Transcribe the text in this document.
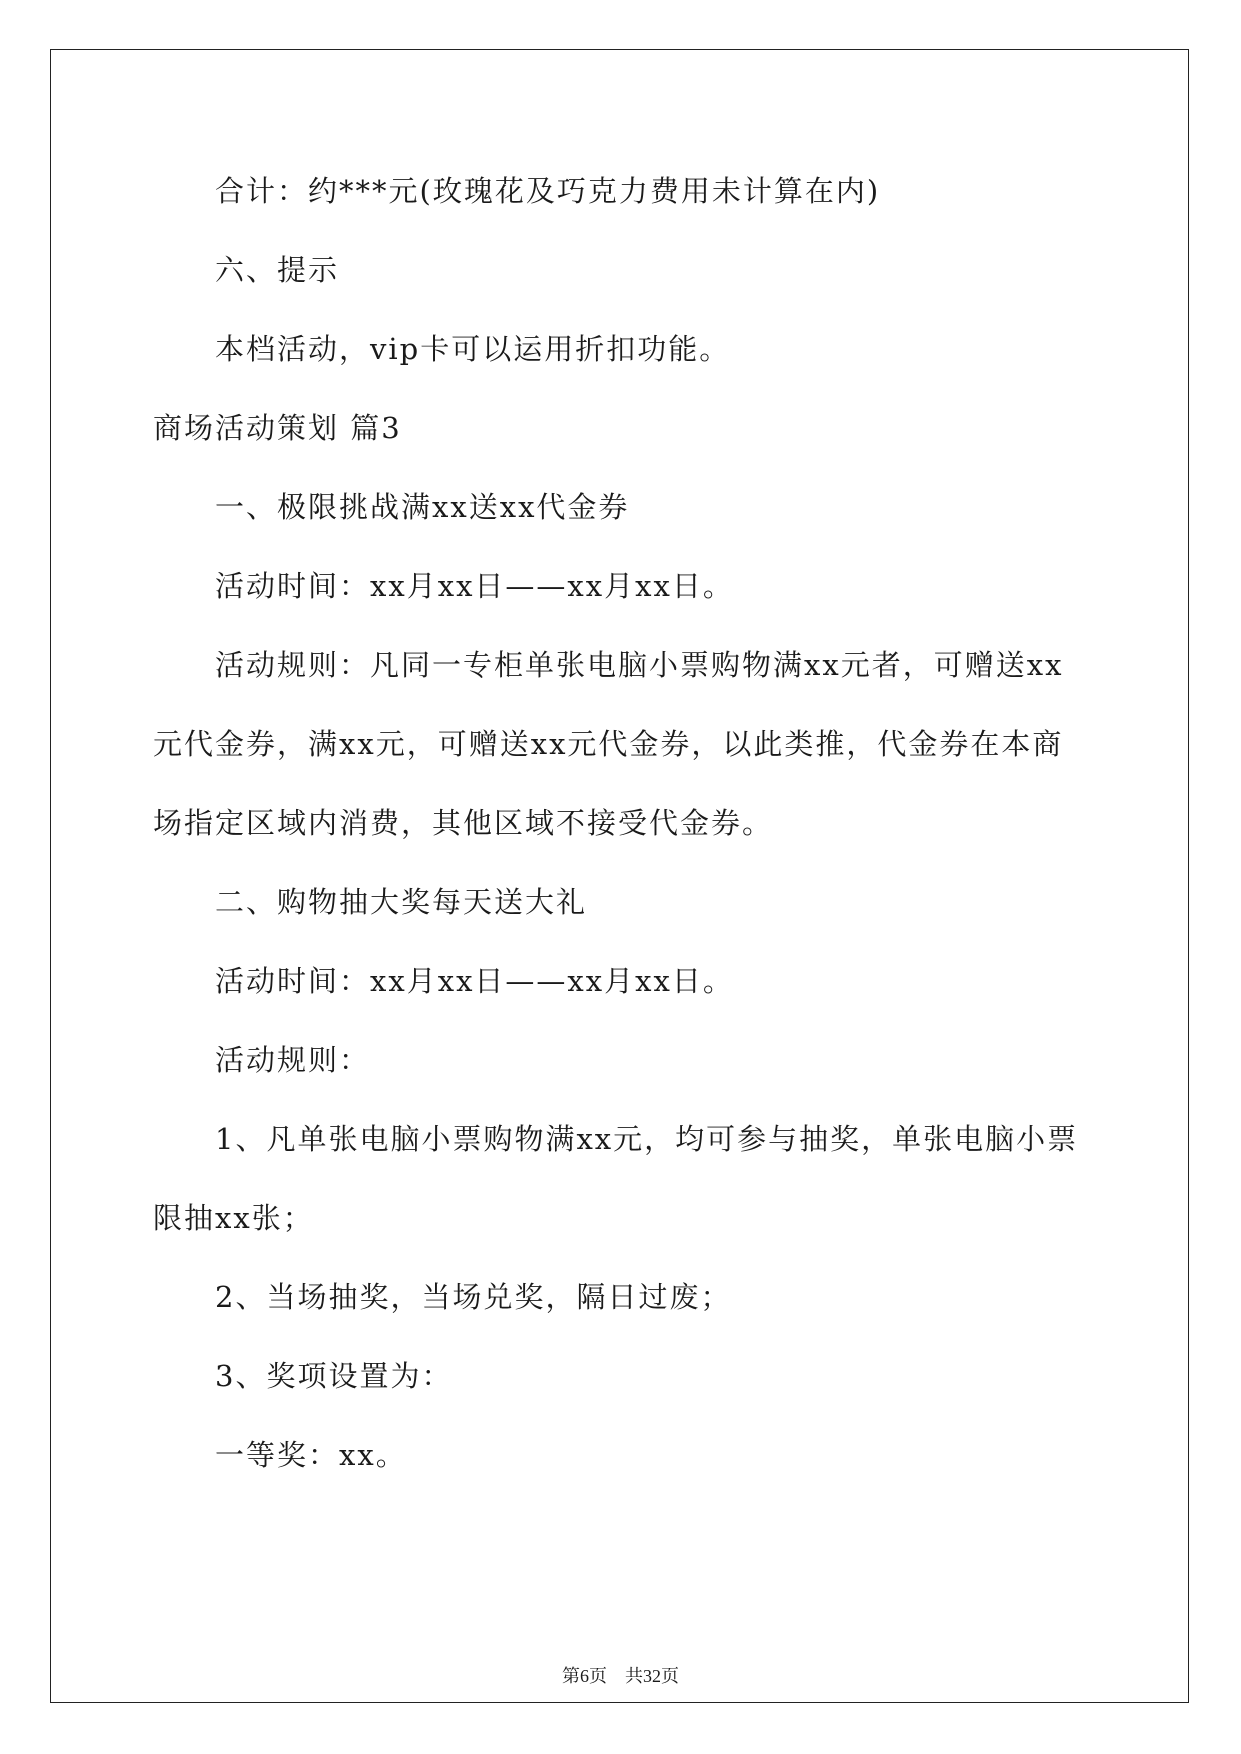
合计：约***元(玫瑰花及巧克力费用未计算在内)
六、提示
本档活动，vip卡可以运用折扣功能。
商场活动策划 篇3
一、极限挑战满xx送xx代金券
活动时间：xx月xx日——xx月xx日。
活动规则：凡同一专柜单张电脑小票购物满xx元者，可赠送xx
元代金券，满xx元，可赠送xx元代金券，以此类推，代金券在本商
场指定区域内消费，其他区域不接受代金券。
二、购物抽大奖每天送大礼
活动时间：xx月xx日——xx月xx日。
活动规则：
1、凡单张电脑小票购物满xx元，均可参与抽奖，单张电脑小票
限抽xx张；
2、当场抽奖，当场兑奖，隔日过废；
3、奖项设置为：
一等奖：xx。
第6页 共32页
